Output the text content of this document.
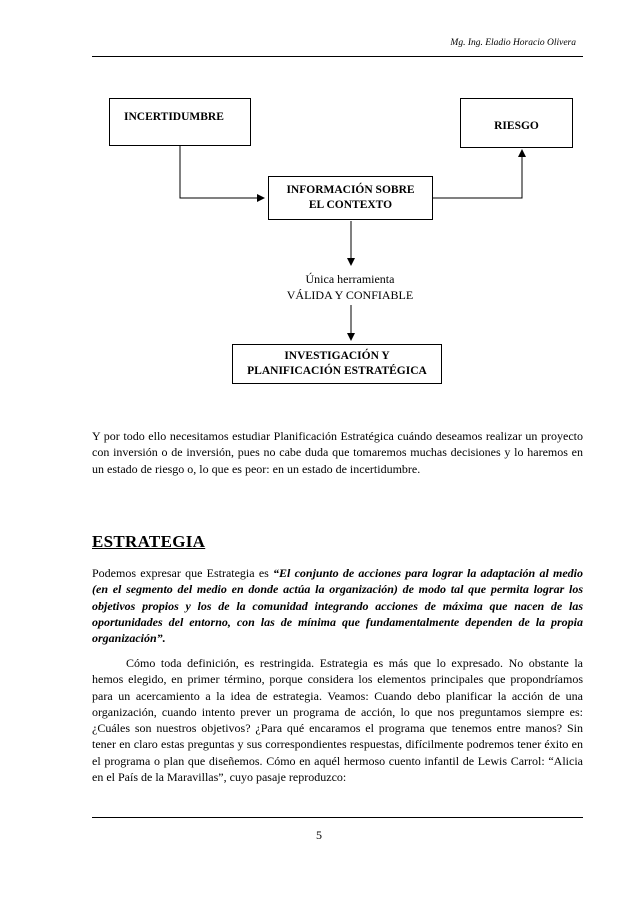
Mg. Ing. Eladio Horacio Olivera
INCERTIDUMBRE
RIESGO
INFORMACIÓN SOBRE
EL CONTEXTO
Única herramienta
VÁLIDA Y CONFIABLE
INVESTIGACIÓN Y
PLANIFICACIÓN ESTRATÉGICA

Y por todo ello necesitamos estudiar Planificación Estratégica cuándo deseamos realizar un proyecto con inversión o de inversión, pues no cabe duda que tomaremos muchas decisiones y lo haremos en un estado de riesgo o, lo que es peor: en un estado de incertidumbre.

ESTRATEGIA

Podemos expresar que Estrategia es “El conjunto de acciones para lograr la adaptación al medio (en el segmento del medio en donde actúa la organización) de modo tal que permita lograr los objetivos propios y los de la comunidad integrando acciones de máxima que nacen de las oportunidades del entorno, con las de mínima que fundamentalmente dependen de la propia organización”.

Cómo toda definición, es restringida. Estrategia es más que lo expresado. No obstante la hemos elegido, en primer término, porque considera los elementos principales que propondríamos para un acercamiento a la idea de estrategia. Veamos: Cuando debo planificar la acción de una organización, cuando intento prever un programa de acción, lo que nos preguntamos siempre es: ¿Cuáles son nuestros objetivos? ¿Para qué encaramos el programa que tenemos entre manos? Sin tener en claro estas preguntas y sus correspondientes respuestas, difícilmente podremos tener éxito en el programa o plan que diseñemos. Cómo en aquél hermoso cuento infantil de Lewis Carrol: “Alicia en el País de la Maravillas”, cuyo pasaje reproduzco:

5
